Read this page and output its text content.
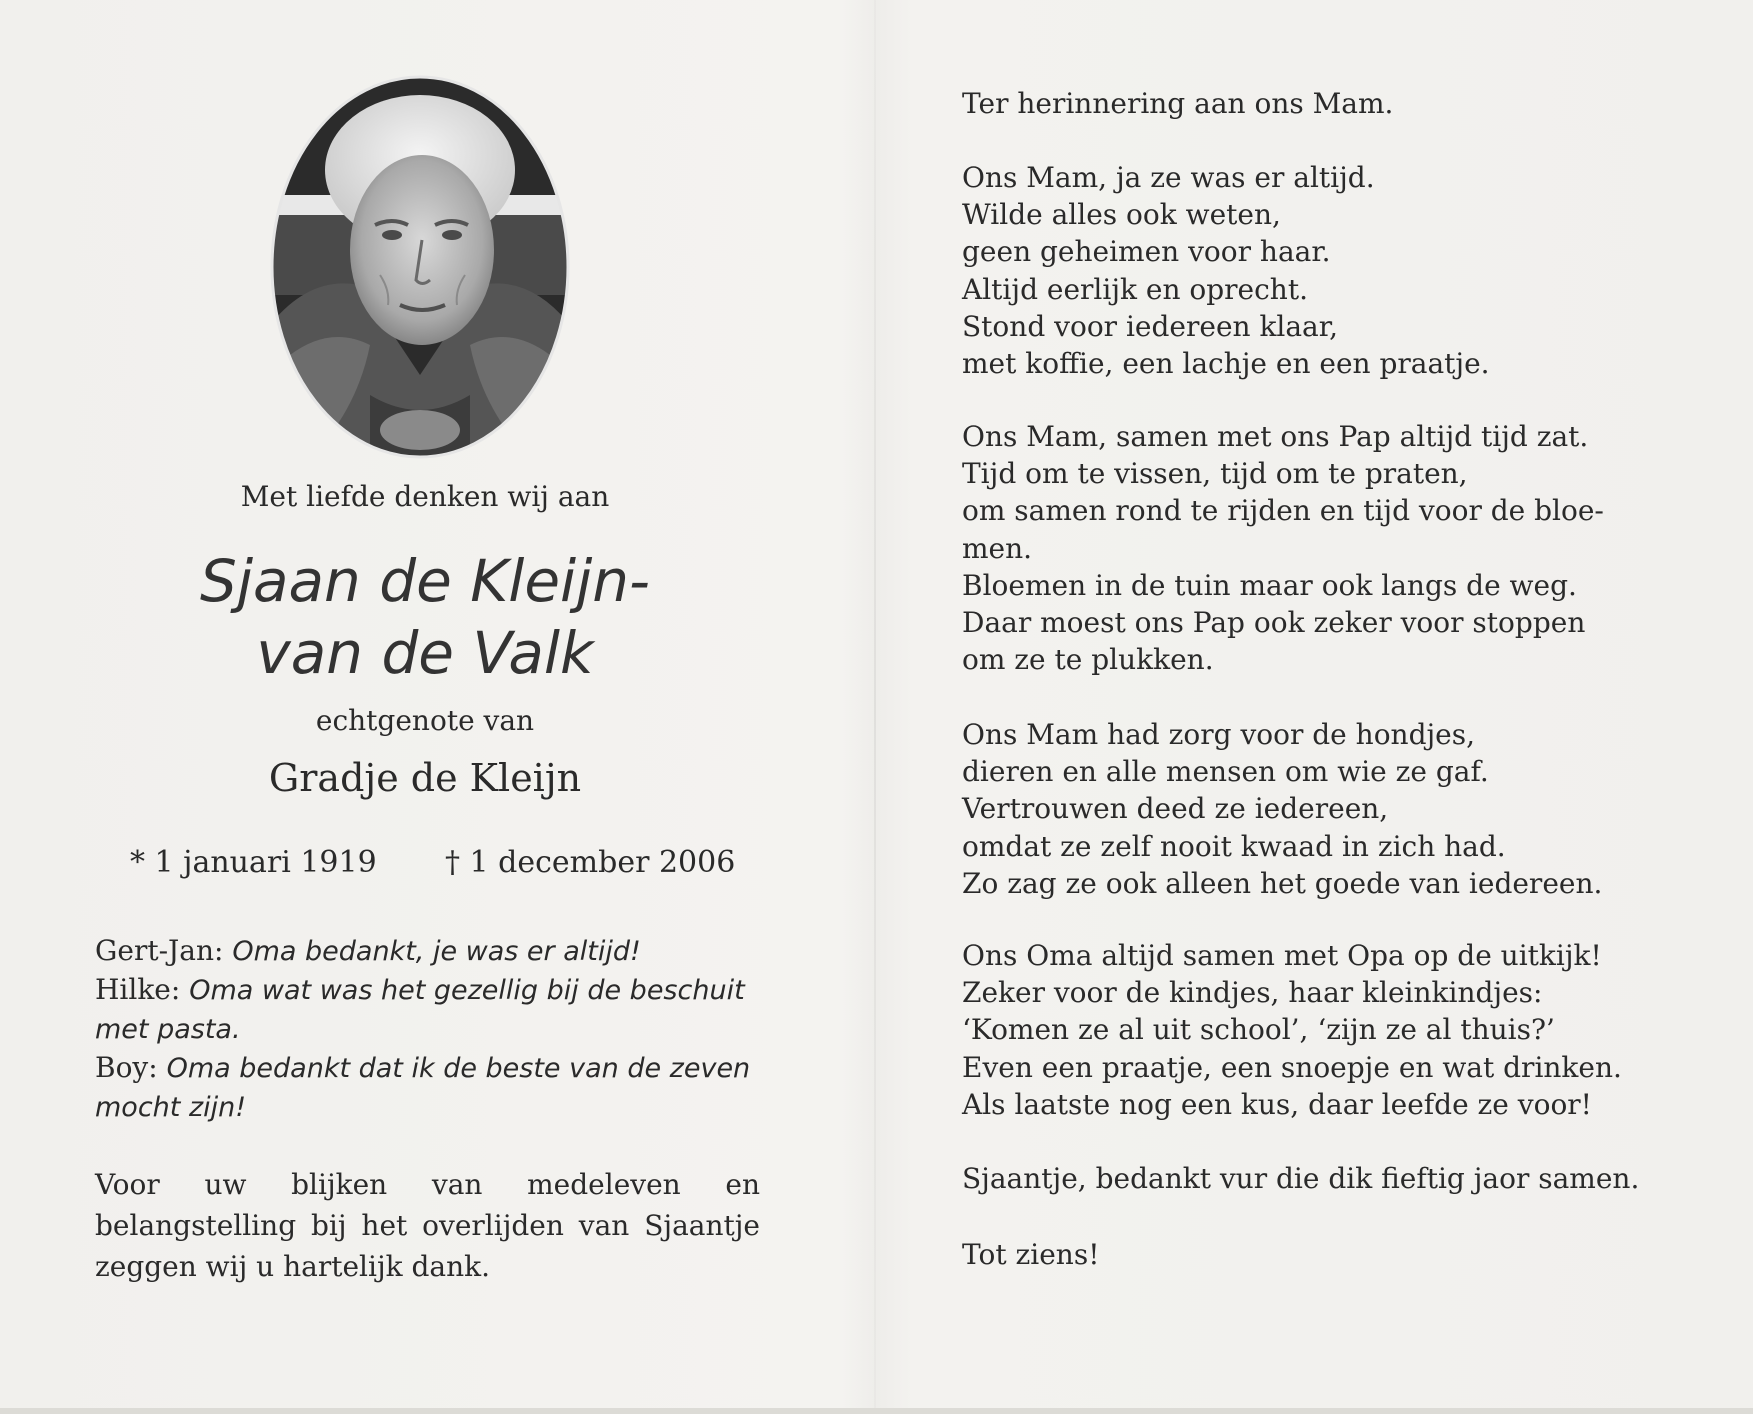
Met liefde denken wij aan
Sjaan de Kleijn-
van de Valk
echtgenote van
Gradje de Kleijn
* 1 januari 1919 † 1 december 2006
Gert-Jan: Oma bedankt, je was er altijd!
Hilke: Oma wat was het gezellig bij de beschuit met pasta.
Boy: Oma bedankt dat ik de beste van de zeven mocht zijn!
Voor uw blijken van medeleven en belangstelling bij het overlijden van Sjaantje zeggen wij u hartelijk dank.
Ter herinnering aan ons Mam.
Ons Mam, ja ze was er altijd.
Wilde alles ook weten,
geen geheimen voor haar.
Altijd eerlijk en oprecht.
Stond voor iedereen klaar,
met koffie, een lachje en een praatje.
Ons Mam, samen met ons Pap altijd tijd zat.
Tijd om te vissen, tijd om te praten,
om samen rond te rijden en tijd voor de bloe-
men.
Bloemen in de tuin maar ook langs de weg.
Daar moest ons Pap ook zeker voor stoppen
om ze te plukken.
Ons Mam had zorg voor de hondjes,
dieren en alle mensen om wie ze gaf.
Vertrouwen deed ze iedereen,
omdat ze zelf nooit kwaad in zich had.
Zo zag ze ook alleen het goede van iedereen.
Ons Oma altijd samen met Opa op de uitkijk!
Zeker voor de kindjes, haar kleinkindjes:
‘Komen ze al uit school’, ‘zijn ze al thuis?’
Even een praatje, een snoepje en wat drinken.
Als laatste nog een kus, daar leefde ze voor!
Sjaantje, bedankt vur die dik fieftig jaor samen.
Tot ziens!
